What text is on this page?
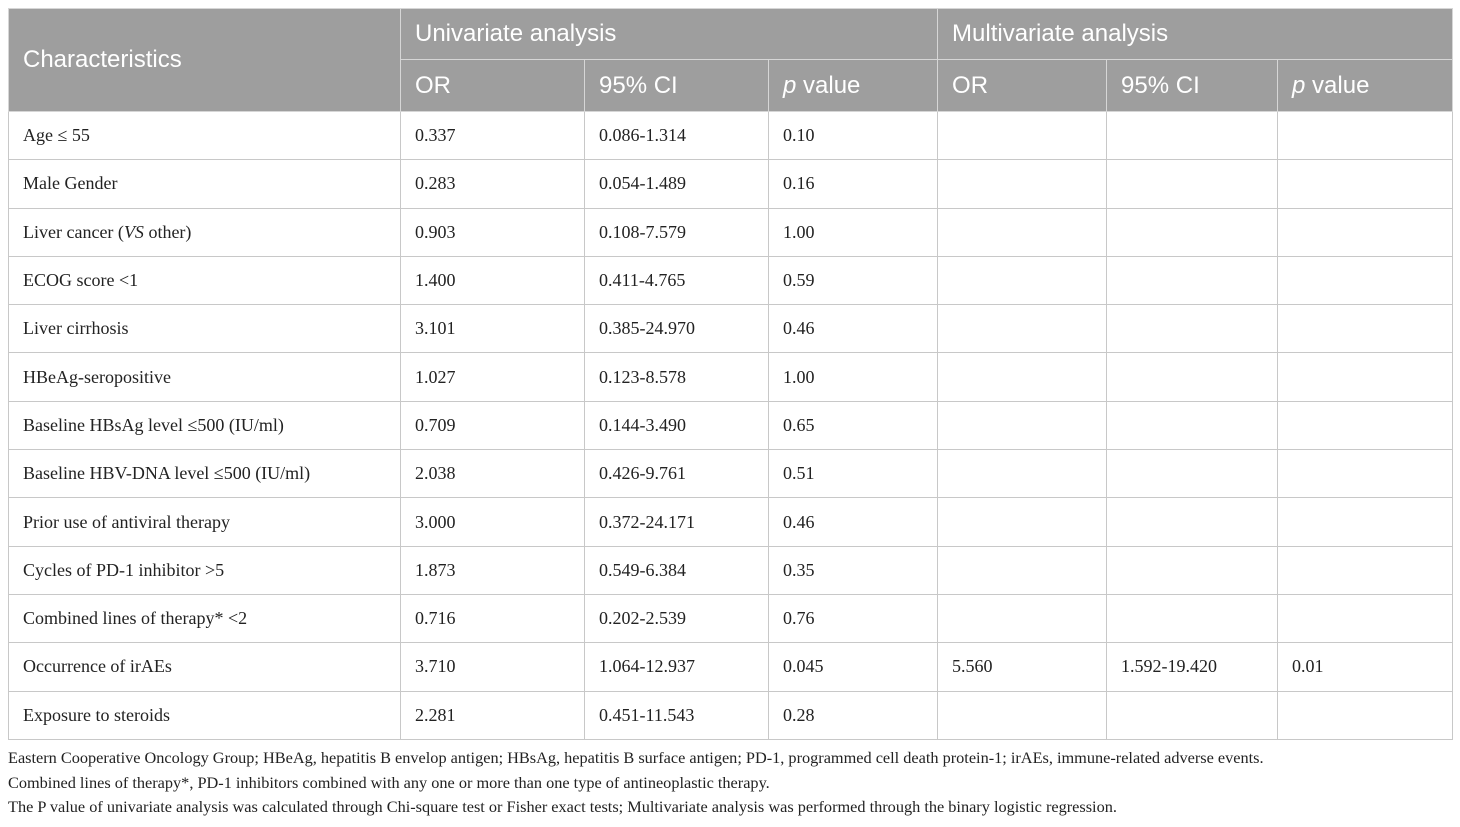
Characteristics	Univariate analysis			Multivariate analysis		
	OR	95% CI	p value	OR	95% CI	p value
Age ≤ 55	0.337	0.086-1.314	0.10			
Male Gender	0.283	0.054-1.489	0.16			
Liver cancer (VS other)	0.903	0.108-7.579	1.00			
ECOG score <1	1.400	0.411-4.765	0.59			
Liver cirrhosis	3.101	0.385-24.970	0.46			
HBeAg-seropositive	1.027	0.123-8.578	1.00			
Baseline HBsAg level ≤500 (IU/ml)	0.709	0.144-3.490	0.65			
Baseline HBV-DNA level ≤500 (IU/ml)	2.038	0.426-9.761	0.51			
Prior use of antiviral therapy	3.000	0.372-24.171	0.46			
Cycles of PD-1 inhibitor >5	1.873	0.549-6.384	0.35			
Combined lines of therapy* <2	0.716	0.202-2.539	0.76			
Occurrence of irAEs	3.710	1.064-12.937	0.045	5.560	1.592-19.420	0.01
Exposure to steroids	2.281	0.451-11.543	0.28			
Eastern Cooperative Oncology Group; HBeAg, hepatitis B envelop antigen; HBsAg, hepatitis B surface antigen; PD-1, programmed cell death protein-1; irAEs, immune-related adverse events.
Combined lines of therapy*, PD-1 inhibitors combined with any one or more than one type of antineoplastic therapy.
The P value of univariate analysis was calculated through Chi-square test or Fisher exact tests; Multivariate analysis was performed through the binary logistic regression.
